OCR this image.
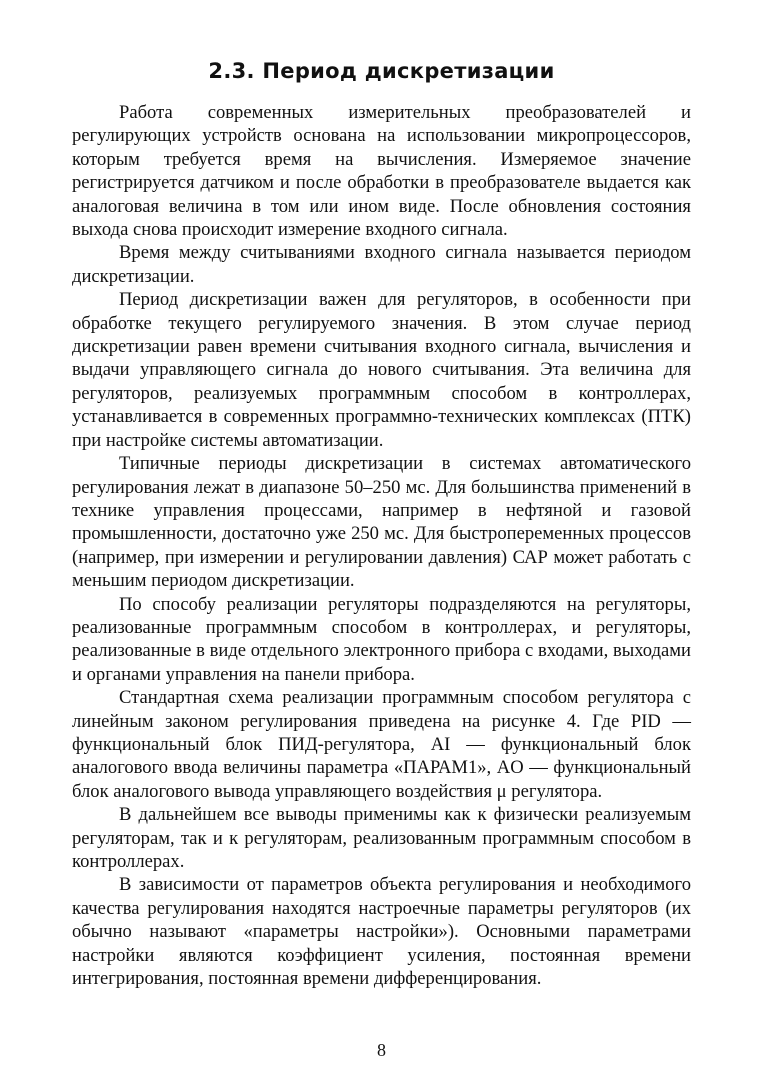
2.3. Период дискретизации

Работа современных измерительных преобразователей и регулирующих устройств основана на использовании микропроцессоров, которым требуется время на вычисления. Измеряемое значение регистрируется датчиком и после обработки в преобразователе выдается как аналоговая величина в том или ином виде. После обновления состояния выхода снова происходит измерение входного сигнала.

Время между считываниями входного сигнала называется периодом дискретизации.

Период дискретизации важен для регуляторов, в особенности при обработке текущего регулируемого значения. В этом случае период дискретизации равен времени считывания входного сигнала, вычисления и выдачи управляющего сигнала до нового считывания. Эта величина для регуляторов, реализуемых программным способом в контроллерах, устанавливается в современных программно-технических комплексах (ПТК) при настройке системы автоматизации.

Типичные периоды дискретизации в системах автоматического регулирования лежат в диапазоне 50–250 мс. Для большинства применений в технике управления процессами, например в нефтяной и газовой промышленности, достаточно уже 250 мс. Для быстропеременных процессов (например, при измерении и регулировании давления) САР может работать с меньшим периодом дискретизации.

По способу реализации регуляторы подразделяются на регуляторы, реализованные программным способом в контроллерах, и регуляторы, реализованные в виде отдельного электронного прибора с входами, выходами и органами управления на панели прибора.

Стандартная схема реализации программным способом регулятора с линейным законом регулирования приведена на рисунке 4. Где PID — функциональный блок ПИД-регулятора, AI — функциональный блок аналогового ввода величины параметра «ПАРАМ1», AO — функциональный блок аналогового вывода управляющего воздействия μ регулятора.

В дальнейшем все выводы применимы как к физически реализуемым регуляторам, так и к регуляторам, реализованным программным способом в контроллерах.

В зависимости от параметров объекта регулирования и необходимого качества регулирования находятся настроечные параметры регуляторов (их обычно называют «параметры настройки»). Основными параметрами настройки являются коэффициент усиления, постоянная времени интегрирования, постоянная времени дифференцирования.

8
